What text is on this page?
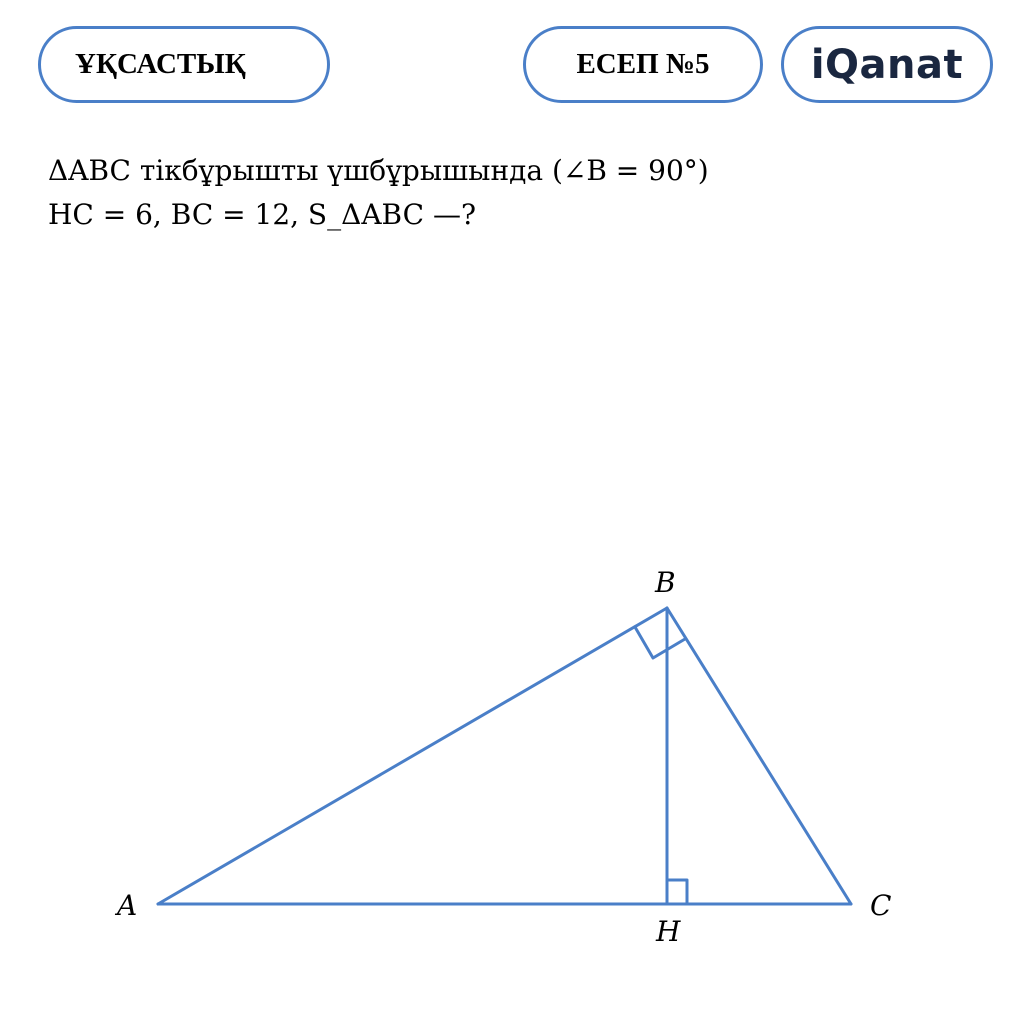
ҰҚСАСТЫҚ	ЕСЕП №5	iQanat
ΔABC тікбұрышты үшбұрышында (∠B = 90°)
HC = 6, BC = 12, S_ΔABC —?
A
B
C
H
